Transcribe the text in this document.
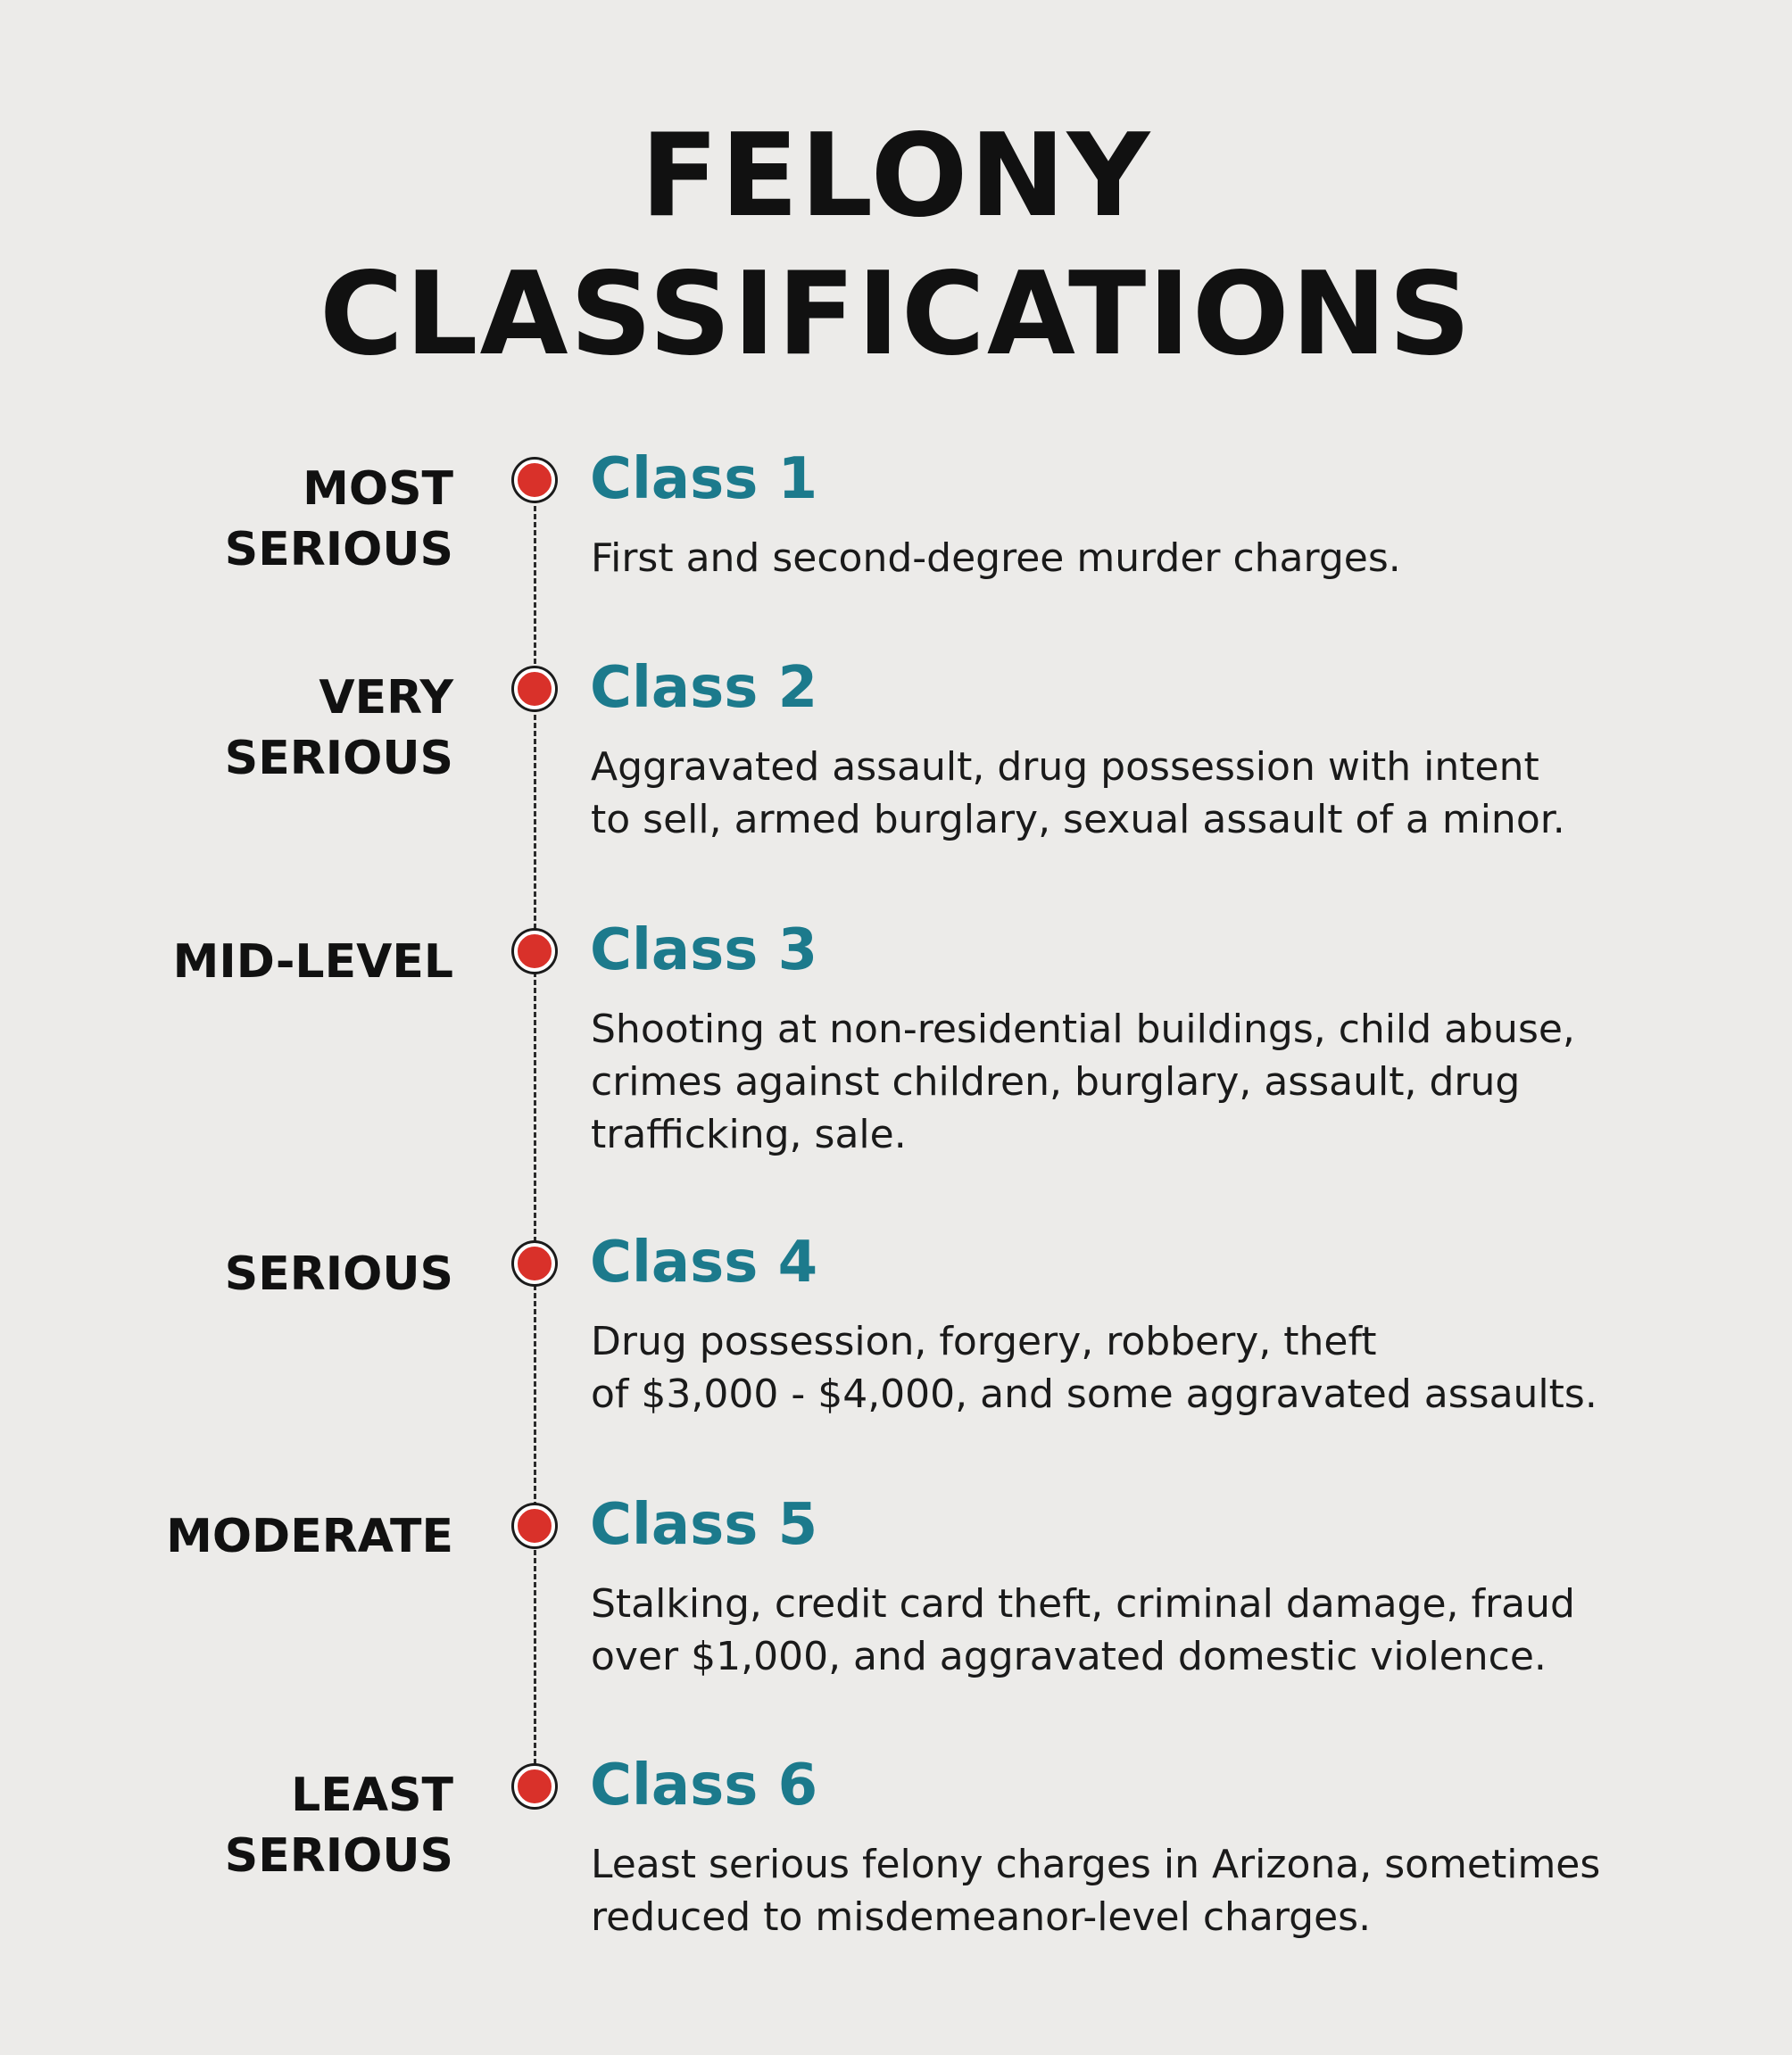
FELONY
CLASSIFICATIONS
MOST
SERIOUS
Class 1
First and second-degree murder charges.
VERY
SERIOUS
Class 2
Aggravated assault, drug possession with intent
to sell, armed burglary, sexual assault of a minor.
MID-LEVEL Class 3
Shooting at non-residential buildings, child abuse,
crimes against children, burglary, assault, drug
trafficking, sale.
SERIOUS Class 4
Drug possession, forgery, robbery, theft
of $3,000 - $4,000, and some aggravated assaults.
MODERATE Class 5
Stalking, credit card theft, criminal damage, fraud
over $1,000, and aggravated domestic violence.
LEAST
SERIOUS
Class 6
Least serious felony charges in Arizona, sometimes
reduced to misdemeanor-level charges.
